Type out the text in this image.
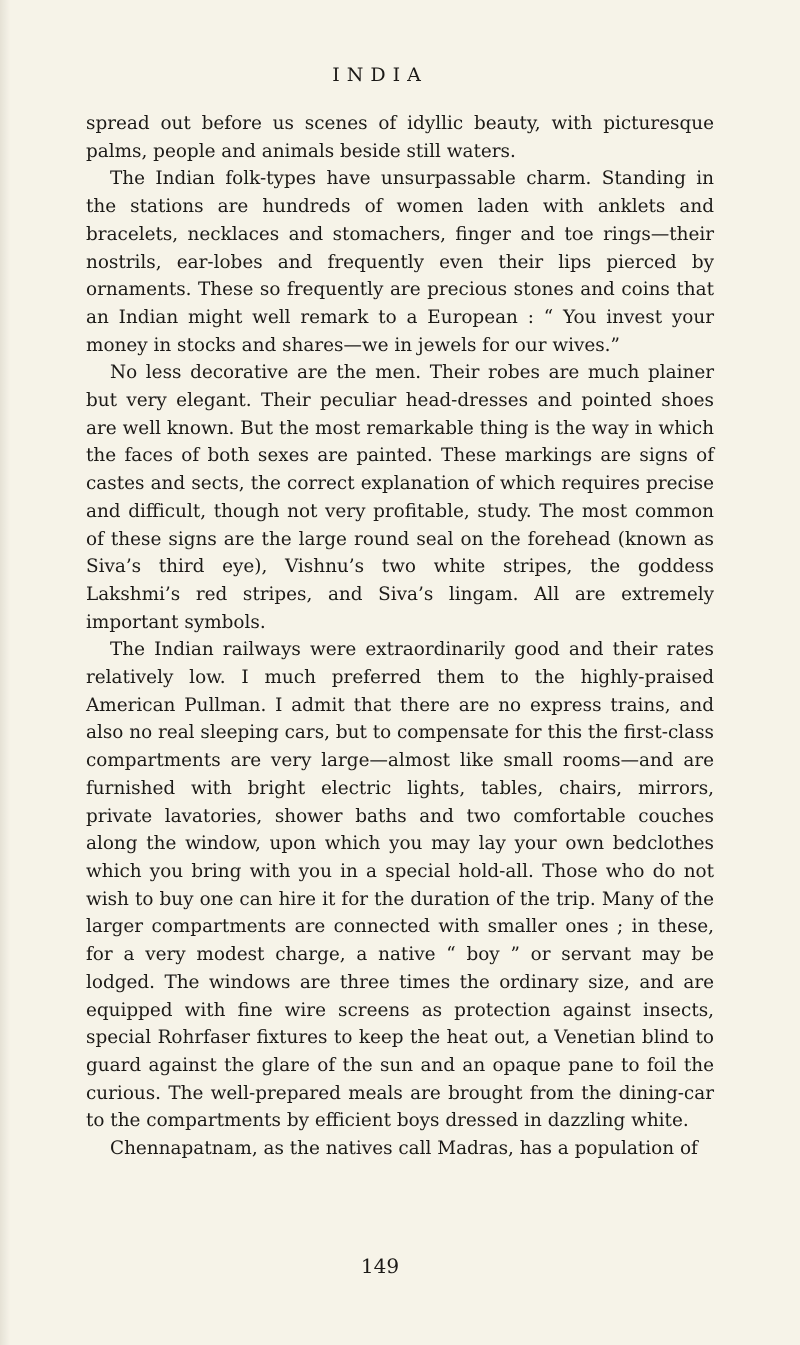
INDIA

spread out before us scenes of idyllic beauty, with picturesque palms, people and animals beside still waters.

The Indian folk-types have unsurpassable charm. Standing in the stations are hundreds of women laden with anklets and bracelets, necklaces and stomachers, finger and toe rings—their nostrils, ear-lobes and frequently even their lips pierced by ornaments. These so frequently are precious stones and coins that an Indian might well remark to a European : “ You invest your money in stocks and shares—we in jewels for our wives.”

No less decorative are the men. Their robes are much plainer but very elegant. Their peculiar head-dresses and pointed shoes are well known. But the most remarkable thing is the way in which the faces of both sexes are painted. These markings are signs of castes and sects, the correct explanation of which requires precise and difficult, though not very profitable, study. The most common of these signs are the large round seal on the forehead (known as Siva’s third eye), Vishnu’s two white stripes, the goddess Lakshmi’s red stripes, and Siva’s lingam. All are extremely important symbols.

The Indian railways were extraordinarily good and their rates relatively low. I much preferred them to the highly-praised American Pullman. I admit that there are no express trains, and also no real sleeping cars, but to compensate for this the first-class compartments are very large—almost like small rooms—and are furnished with bright electric lights, tables, chairs, mirrors, private lavatories, shower baths and two comfortable couches along the window, upon which you may lay your own bedclothes which you bring with you in a special hold-all. Those who do not wish to buy one can hire it for the duration of the trip. Many of the larger compartments are connected with smaller ones ; in these, for a very modest charge, a native “ boy ” or servant may be lodged. The windows are three times the ordinary size, and are equipped with fine wire screens as protection against insects, special Rohrfaser fixtures to keep the heat out, a Venetian blind to guard against the glare of the sun and an opaque pane to foil the curious. The well-prepared meals are brought from the dining-car to the compartments by efficient boys dressed in dazzling white.

Chennapatnam, as the natives call Madras, has a population of

149
